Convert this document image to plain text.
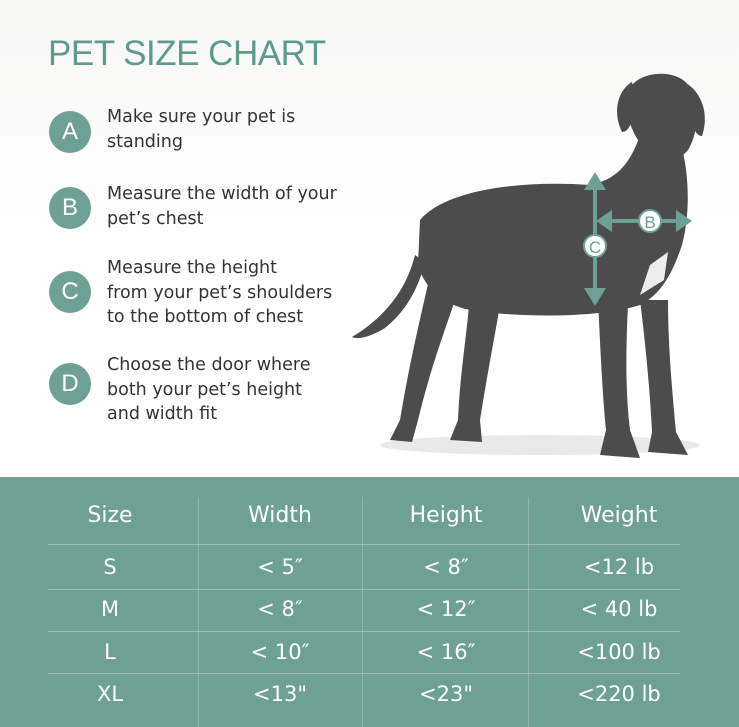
PET SIZE CHART
A
Make sure your pet is
standing
B	Measure the width of your
pet’s chest
C
Measure the height
from your pet’s shoulders
to the bottom of chest
D
Choose the door where
both your pet’s height
and width fit
C
B
Size	Width	Height	Weight
S	< 5″	< 8″	<12 lb
M	< 8″	< 12″	< 40 lb
L	< 10″	< 16″	<100 lb
XL	<13"	<23"	<220 lb
